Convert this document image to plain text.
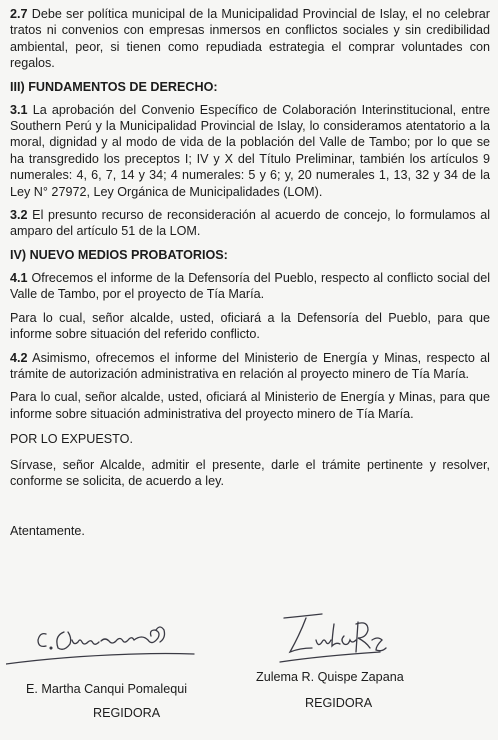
2.7 Debe ser política municipal de la Municipalidad Provincial de Islay, el no celebrar tratos ni convenios con empresas inmersos en conflictos sociales y sin credibilidad ambiental, peor, si tienen como repudiada estrategia el comprar voluntades con regalos.

III) FUNDAMENTOS DE DERECHO:

3.1 La aprobación del Convenio Específico de Colaboración Interinstitucional, entre Southern Perú y la Municipalidad Provincial de Islay, lo consideramos atentatorio a la moral, dignidad y al modo de vida de la población del Valle de Tambo; por lo que se ha transgredido los preceptos I; IV y X del Título Preliminar, también los artículos 9 numerales: 4, 6, 7, 14 y 34; 4 numerales: 5 y 6; y, 20 numerales 1, 13, 32 y 34 de la Ley N° 27972, Ley Orgánica de Municipalidades (LOM).

3.2 El presunto recurso de reconsideración al acuerdo de concejo, lo formulamos al amparo del artículo 51 de la LOM.

IV) NUEVO MEDIOS PROBATORIOS:

4.1 Ofrecemos el informe de la Defensoría del Pueblo, respecto al conflicto social del Valle de Tambo, por el proyecto de Tía María.

Para lo cual, señor alcalde, usted, oficiará a la Defensoría del Pueblo, para que informe sobre situación del referido conflicto.

4.2 Asimismo, ofrecemos el informe del Ministerio de Energía y Minas, respecto al trámite de autorización administrativa en relación al proyecto minero de Tía María.

Para lo cual, señor alcalde, usted, oficiará al Ministerio de Energía y Minas, para que informe sobre situación administrativa del proyecto minero de Tía María.

POR LO EXPUESTO.

Sírvase, señor Alcalde, admitir el presente, darle el trámite pertinente y resolver, conforme se solicita, de acuerdo a ley.

Atentamente.

E. Martha Canqui Pomalequi
REGIDORA
Zulema R. Quispe Zapana
REGIDORA
